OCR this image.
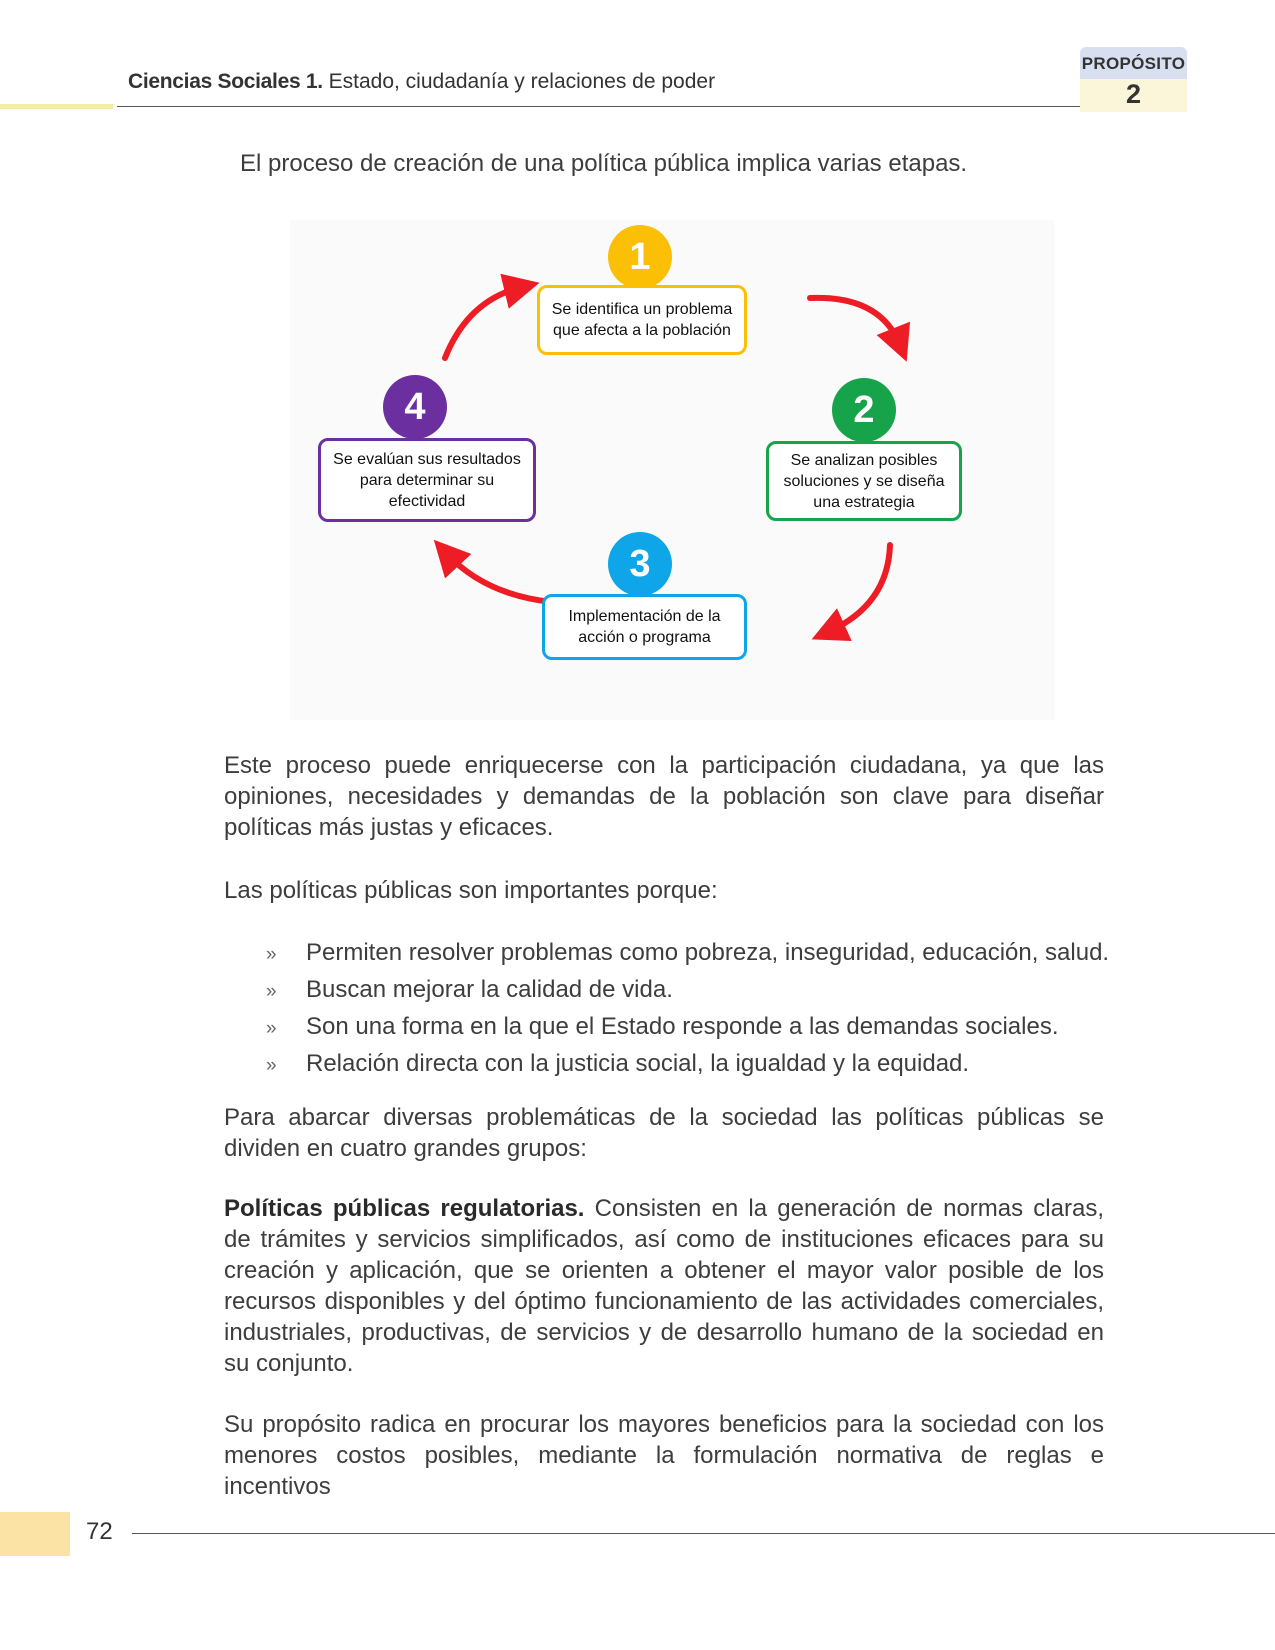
Ciencias Sociales 1. Estado, ciudadanía y relaciones de poder
PROPÓSITO
2
El proceso de creación de una política pública implica varias etapas.
1
Se identifica un problema que afecta a la población
2
Se analizan posibles soluciones y se diseña una estrategia
3
Implementación de la acción o programa
4
Se evalúan sus resultados para determinar su efectividad
Este proceso puede enriquecerse con la participación ciudadana, ya que las opiniones, necesidades y demandas de la población son clave para diseñar políticas más justas y eficaces.
Las políticas públicas son importantes porque:
» Permiten resolver problemas como pobreza, inseguridad, educación, salud.
» Buscan mejorar la calidad de vida.
» Son una forma en la que el Estado responde a las demandas sociales.
» Relación directa con la justicia social, la igualdad y la equidad.
Para abarcar diversas problemáticas de la sociedad las políticas públicas se dividen en cuatro grandes grupos:
Políticas públicas regulatorias. Consisten en la generación de normas claras, de trámites y servicios simplificados, así como de instituciones eficaces para su creación y aplicación, que se orienten a obtener el mayor valor posible de los recursos disponibles y del óptimo funcionamiento de las actividades comerciales, industriales, productivas, de servicios y de desarrollo humano de la sociedad en su conjunto.
Su propósito radica en procurar los mayores beneficios para la sociedad con los menores costos posibles, mediante la formulación normativa de reglas e incentivos
72
